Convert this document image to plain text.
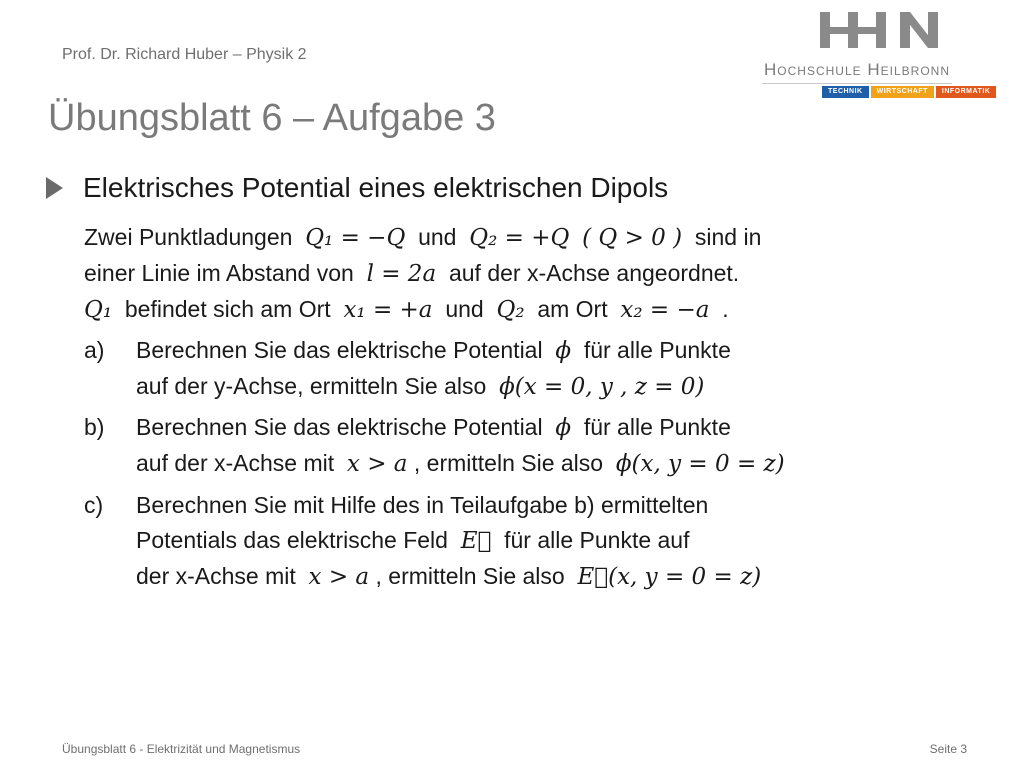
Prof. Dr. Richard Huber – Physik 2
Hochschule Heilbronn
TECHNIK	WIRTSCHAFT	INFORMATIK
Übungsblatt 6 – Aufgabe 3
Elektrisches Potential eines elektrischen Dipols
Zwei Punktladungen Q₁ = −Q und Q₂ = +Q ( Q > 0 ) sind in
einer Linie im Abstand von l = 2a auf der x-Achse angeordnet.
Q₁ befindet sich am Ort x₁ = +a und Q₂ am Ort x₂ = −a .
a)	Berechnen Sie das elektrische Potential ϕ für alle Punkte
auf der y-Achse, ermitteln Sie also ϕ(x = 0, y , z = 0)
b)	Berechnen Sie das elektrische Potential ϕ für alle Punkte
auf der x-Achse mit x > a , ermitteln Sie also ϕ(x, y = 0 = z)
c)	Berechnen Sie mit Hilfe des in Teilaufgabe b) ermittelten
Potentials das elektrische Feld E⃗ für alle Punkte auf
der x-Achse mit x > a , ermitteln Sie also E⃗(x, y = 0 = z)
Übungsblatt 6 - Elektrizität und Magnetismus	Seite 3
